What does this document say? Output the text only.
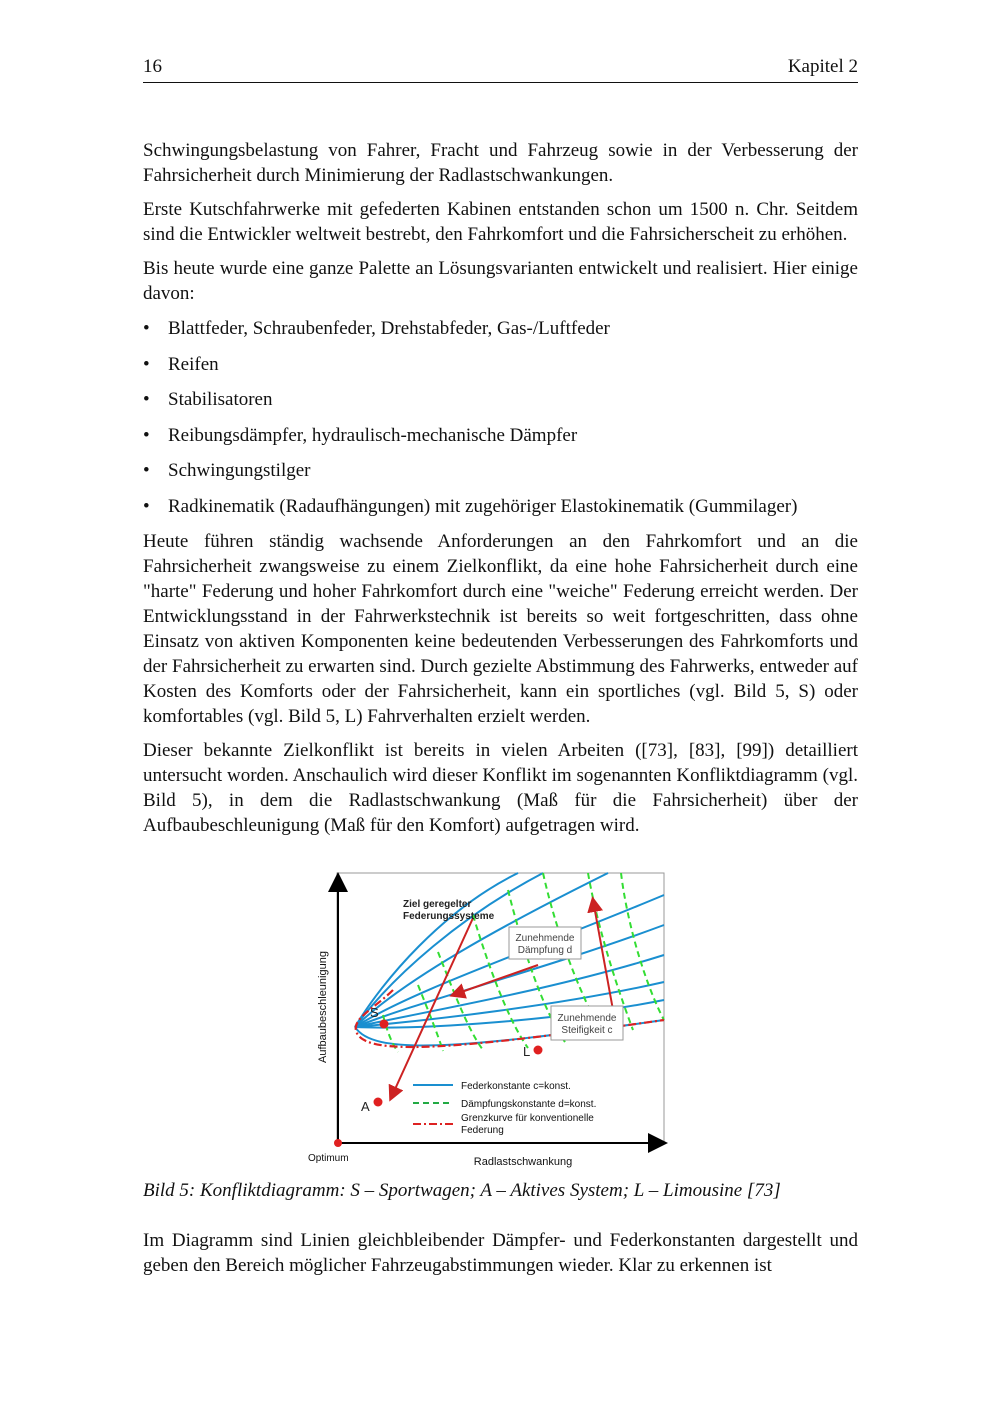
16	Kapitel 2

Schwingungsbelastung von Fahrer, Fracht und Fahrzeug sowie in der Verbesserung der Fahrsicherheit durch Minimierung der Radlastschwankungen.

Erste Kutschfahrwerke mit gefederten Kabinen entstanden schon um 1500 n. Chr. Seitdem sind die Entwickler weltweit bestrebt, den Fahrkomfort und die Fahrsicherscheit zu erhöhen.

Bis heute wurde eine ganze Palette an Lösungsvarianten entwickelt und realisiert. Hier einige davon:

• Blattfeder, Schraubenfeder, Drehstabfeder, Gas-/Luftfeder
• Reifen
• Stabilisatoren
• Reibungsdämpfer, hydraulisch-mechanische Dämpfer
• Schwingungstilger
• Radkinematik (Radaufhängungen) mit zugehöriger Elastokinematik (Gummilager)

Heute führen ständig wachsende Anforderungen an den Fahrkomfort und an die Fahrsicherheit zwangsweise zu einem Zielkonflikt, da eine hohe Fahrsicherheit durch eine "harte" Federung und hoher Fahrkomfort durch eine "weiche" Federung erreicht werden. Der Entwicklungsstand in der Fahrwerkstechnik ist bereits so weit fortgeschritten, dass ohne Einsatz von aktiven Komponenten keine bedeutenden Verbesserungen des Fahrkomforts und der Fahrsicherheit zu erwarten sind. Durch gezielte Abstimmung des Fahrwerks, entweder auf Kosten des Komforts oder der Fahrsicherheit, kann ein sportliches (vgl. Bild 5, S) oder komfortables (vgl. Bild 5, L) Fahrverhalten erzielt werden.

Dieser bekannte Zielkonflikt ist bereits in vielen Arbeiten ([73], [83], [99]) detailliert untersucht worden. Anschaulich wird dieser Konflikt im sogenannten Konfliktdiagramm (vgl. Bild 5), in dem die Radlastschwankung (Maß für die Fahrsicherheit) über der Aufbaubeschleunigung (Maß für den Komfort) aufgetragen wird.

Ziel geregelter
Federungssysteme
Zunehmende
Dämpfung d
Zunehmende
Steifigkeit c
S
A
L
Federkonstante c=konst.
Dämpfungskonstante d=konst.
Grenzkurve für konventionelle
Federung
Optimum	Radlastschwankung
Aufbaubeschleunigung
Bild 5: Konfliktdiagramm: S – Sportwagen; A – Aktives System; L – Limousine [73]

Im Diagramm sind Linien gleichbleibender Dämpfer- und Federkonstanten dargestellt und geben den Bereich möglicher Fahrzeugabstimmungen wieder. Klar zu erkennen ist
